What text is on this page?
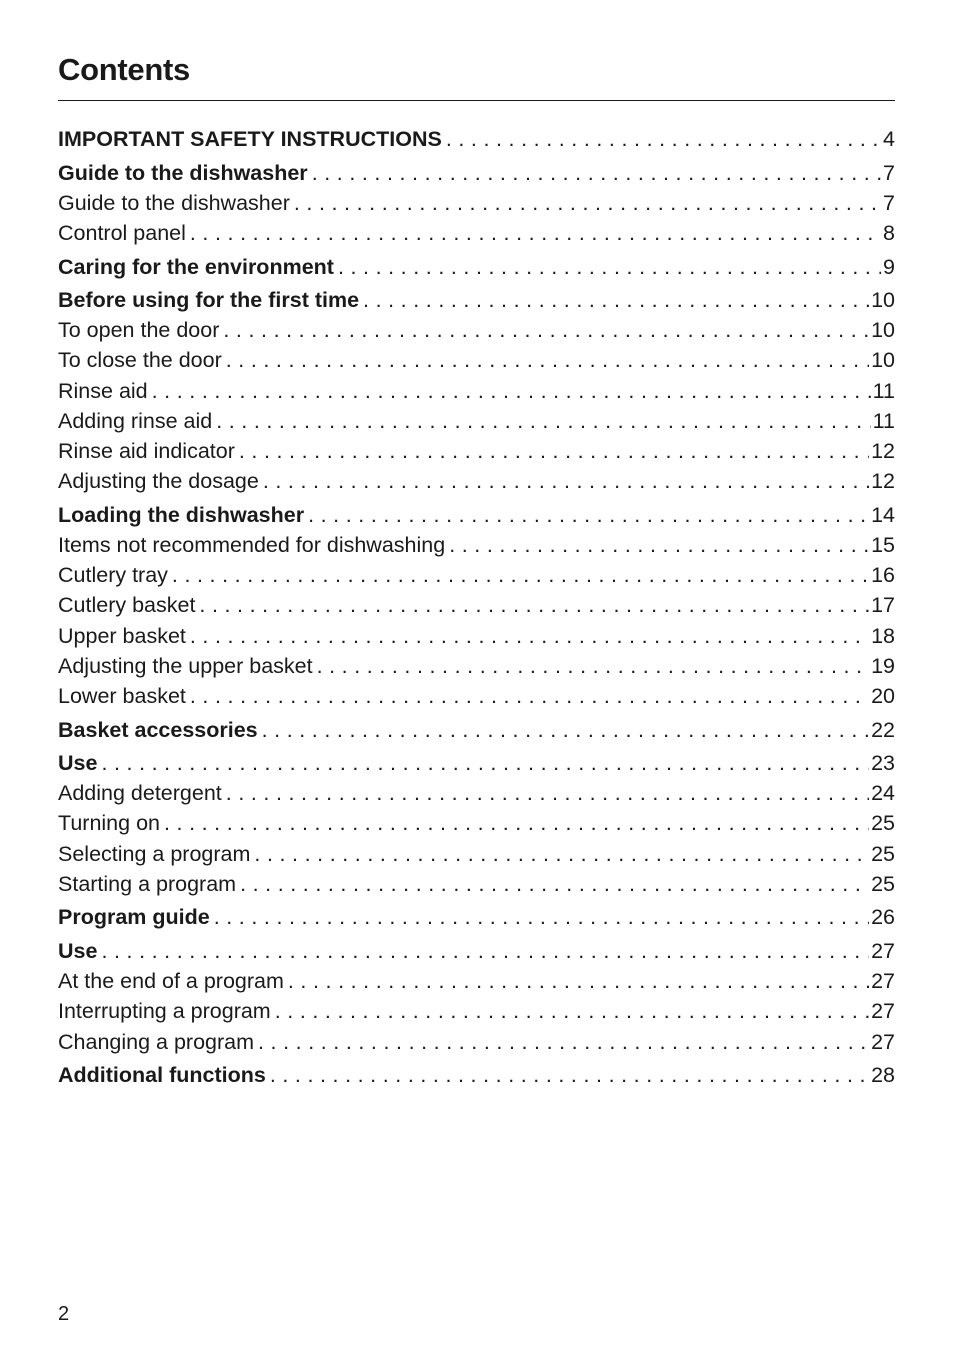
Contents
IMPORTANT SAFETY INSTRUCTIONS . . .	4
Guide to the dishwasher . . .	7
Guide to the dishwasher . . .	7
Control panel . . .	8
Caring for the environment . . .	9
Before using for the first time . . .	10
To open the door . . .	10
To close the door . . .	10
Rinse aid . . .	11
Adding rinse aid . . .	11
Rinse aid indicator . . .	12
Adjusting the dosage . . .	12
Loading the dishwasher . . .	14
Items not recommended for dishwashing . . .	15
Cutlery tray . . .	16
Cutlery basket . . .	17
Upper basket . . .	18
Adjusting the upper basket . . .	19
Lower basket . . .	20
Basket accessories . . .	22
Use . . .	23
Adding detergent . . .	24
Turning on . . .	25
Selecting a program . . .	25
Starting a program . . .	25
Program guide . . .	26
Use . . .	27
At the end of a program . . .	27
Interrupting a program . . .	27
Changing a program . . .	27
Additional functions . . .	28
2
